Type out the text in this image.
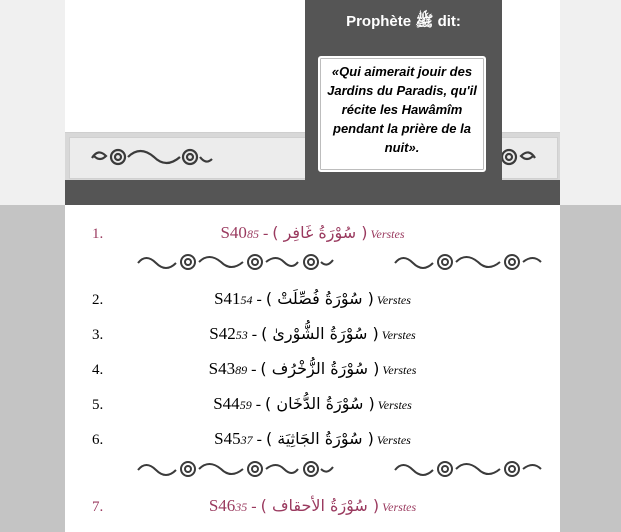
Prophète ﷺ dit:
«Qui aimerait jouir des Jardins du Paradis, qu'il récite les Hawâmîm pendant la prière de la nuit».
1.	S40 ( سُوْرَةُ غَافِر ) - 85 Verstes
2.	S41 ( سُوْرَةُ فُصِّلَتْ ) - 54 Verstes
3.	S42 ( سُوْرَةُ الشُّوْرىٰ ) - 53 Verstes
4.	S43 ( سُوْرَةُ الزُّخْرُف ) - 89 Verstes
5.	S44 ( سُوْرَةُ الدُّخَان ) - 59 Verstes
6.	S45 ( سُوْرَةُ الجَاثِيَة ) - 37 Verstes
7.	S46 ( سُوْرَةُ الأحقاف ) - 35 Verstes
